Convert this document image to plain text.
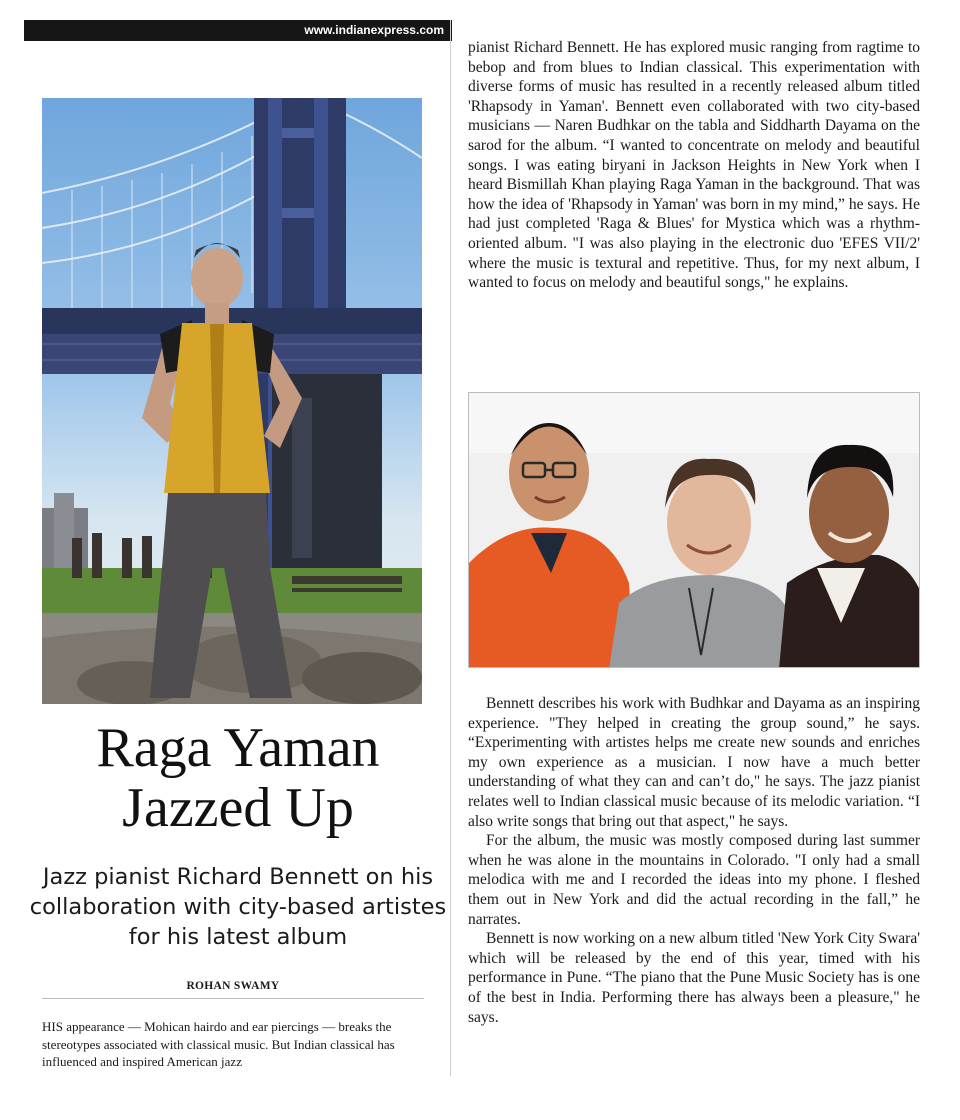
www.indianexpress.com
Raga Yaman Jazzed Up
Jazz pianist Richard Bennett on his collaboration with city-based artistes for his latest album
ROHAN SWAMY
HIS appearance — Mohican hairdo and ear piercings — breaks the stereotypes associated with classical music. But Indian classical has influenced and inspired American jazz

pianist Richard Bennett. He has explored music ranging from ragtime to bebop and from blues to Indian classical. This experimentation with diverse forms of music has resulted in a recently released album titled 'Rhapsody in Yaman'. Bennett even collaborated with two city-based musicians — Naren Budhkar on the tabla and Siddharth Dayama on the sarod for the album. “I wanted to concentrate on melody and beautiful songs. I was eating biryani in Jackson Heights in New York when I heard Bismillah Khan playing Raga Yaman in the background. That was how the idea of 'Rhapsody in Yaman' was born in my mind,” he says. He had just completed 'Raga & Blues' for Mystica which was a rhythm-oriented album. "I was also playing in the electronic duo 'EFES VII/2' where the music is textural and repetitive. Thus, for my next album, I wanted to focus on melody and beautiful songs," he explains.

Bennett describes his work with Budhkar and Dayama as an inspiring experience. "They helped in creating the group sound,” he says. “Experimenting with artistes helps me create new sounds and enriches my own experience as a musician. I now have a much better understanding of what they can and can’t do," he says. The jazz pianist relates well to Indian classical music because of its melodic variation. “I also write songs that bring out that aspect," he says.

For the album, the music was mostly composed during last summer when he was alone in the mountains in Colorado. "I only had a small melodica with me and I recorded the ideas into my phone. I fleshed them out in New York and did the actual recording in the fall,” he narrates.

Bennett is now working on a new album titled 'New York City Swara' which will be released by the end of this year, timed with his performance in Pune. “The piano that the Pune Music Society has is one of the best in India. Performing there has always been a pleasure," he says.
